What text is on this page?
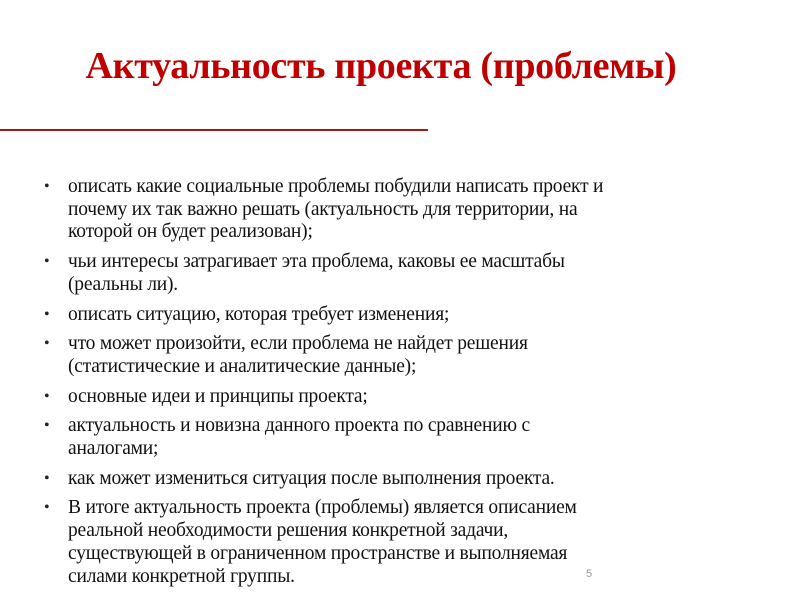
Актуальность проекта (проблемы)
• описать какие социальные проблемы побудили написать проект и
почему их так важно решать (актуальность для территории, на
которой он будет реализован);
• чьи интересы затрагивает эта проблема, каковы ее масштабы
(реальны ли).
• описать ситуацию, которая требует изменения;
• что может произойти, если проблема не найдет решения
(статистические и аналитические данные);
• основные идеи и принципы проекта;
• актуальность и новизна данного проекта по сравнению с
аналогами;
• как может измениться ситуация после выполнения проекта.
• В итоге актуальность проекта (проблемы) является описанием
реальной необходимости решения конкретной задачи,
существующей в ограниченном пространстве и выполняемая
силами конкретной группы.	5
